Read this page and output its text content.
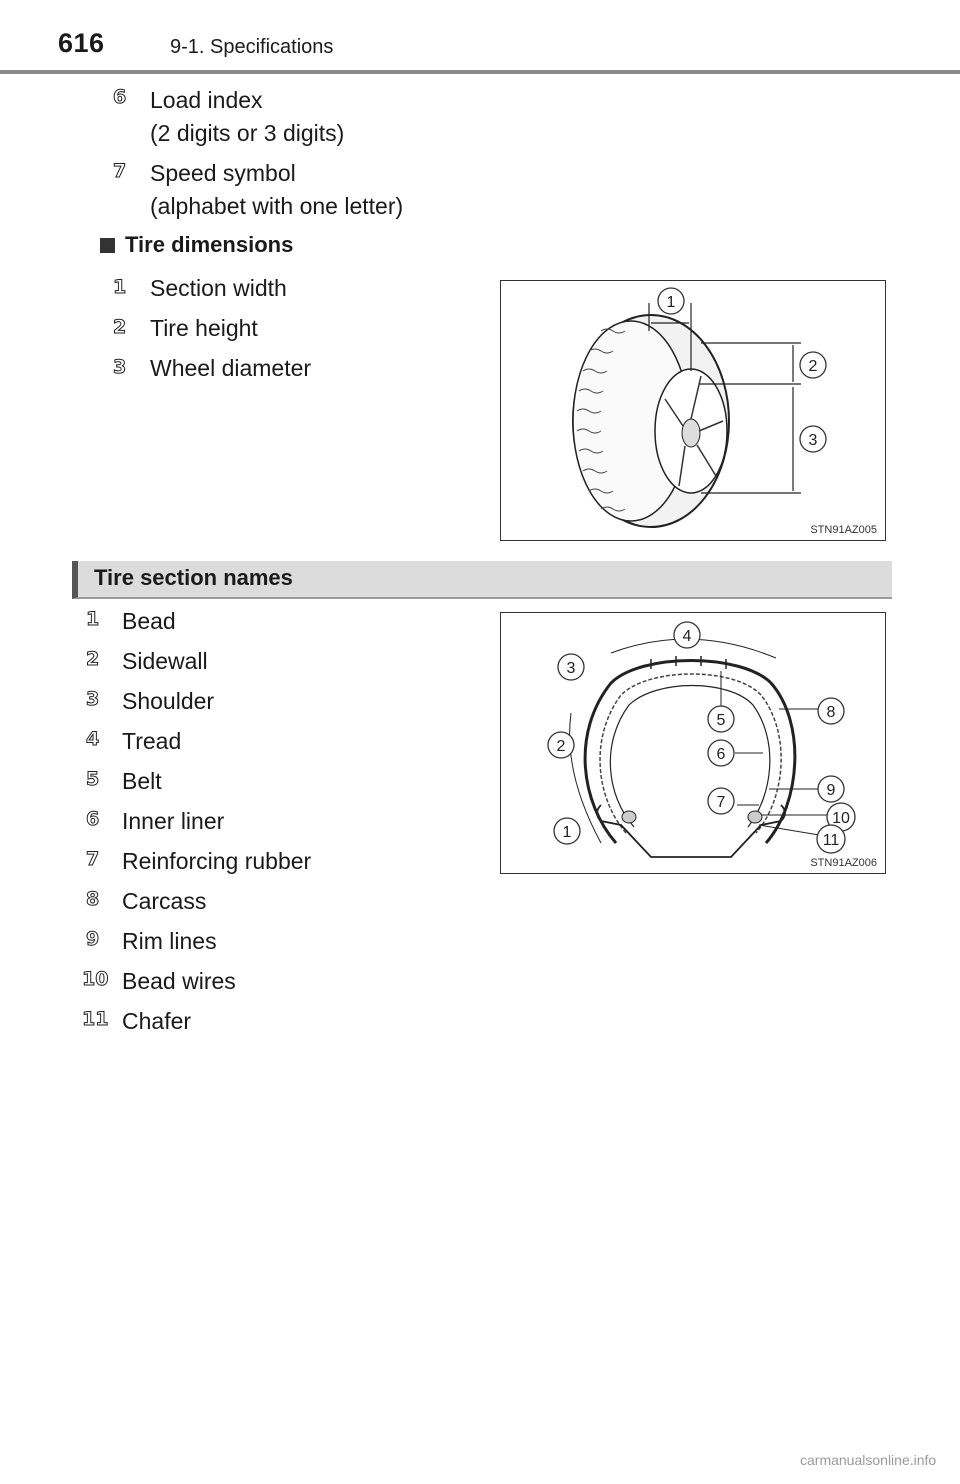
616	9-1. Specifications
6 Load index
(2 digits or 3 digits)
7 Speed symbol
(alphabet with one letter)
Tire dimensions
1 Section width
2 Tire height
3 Wheel diameter
1
2
3
STN91AZ005
Tire section names
1 Bead
2 Sidewall
3 Shoulder
4 Tread
5 Belt
6 Inner liner
7 Reinforcing rubber
8 Carcass
9 Rim lines
10 Bead wires
11 Chafer
1
2
3
4
5
6
7
8
9
10
11
STN91AZ006
carmanualsonline.info
